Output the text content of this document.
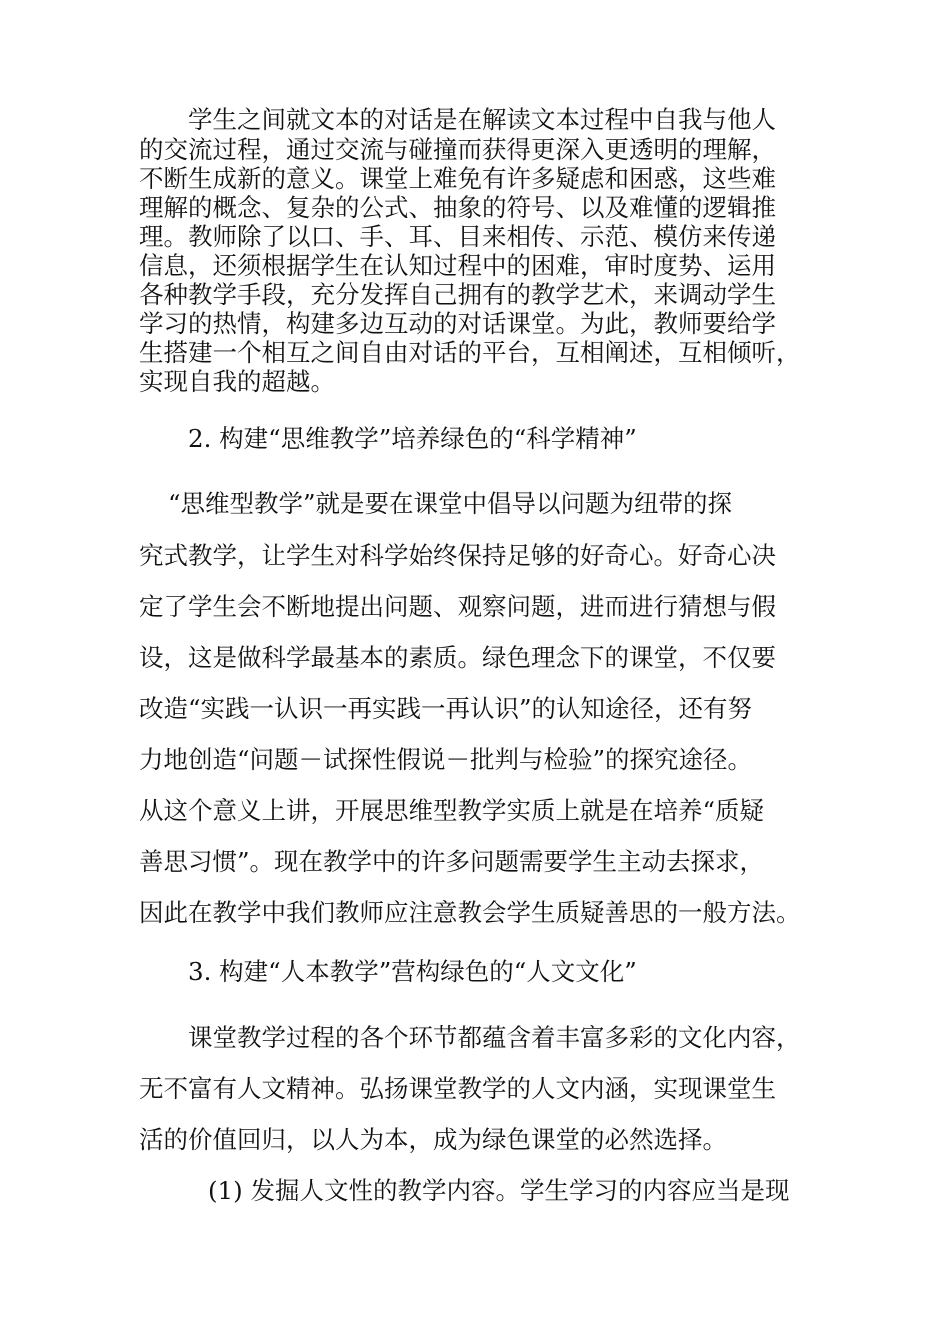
学生之间就文本的对话是在解读文本过程中自我与他人

的交流过程，通过交流与碰撞而获得更深入更透明的理解，

不断生成新的意义。课堂上难免有许多疑虑和困惑，这些难

理解的概念、复杂的公式、抽象的符号、以及难懂的逻辑推

理。教师除了以口、手、耳、目来相传、示范、模仿来传递

信息，还须根据学生在认知过程中的困难，审时度势、运用

各种教学手段，充分发挥自己拥有的教学艺术，来调动学生

学习的热情，构建多边互动的对话课堂。为此，教师要给学

生搭建一个相互之间自由对话的平台，互相阐述，互相倾听，

实现自我的超越。

2. 构建“思维教学”培养绿色的“科学精神”

“思维型教学”就是要在课堂中倡导以问题为纽带的探

究式教学，让学生对科学始终保持足够的好奇心。好奇心决

定了学生会不断地提出问题、观察问题，进而进行猜想与假

设，这是做科学最基本的素质。绿色理念下的课堂，不仅要

改造“实践一认识一再实践一再认识”的认知途径，还有努

力地创造“问题－试探性假说－批判与检验”的探究途径。

从这个意义上讲，开展思维型教学实质上就是在培养“质疑

善思习惯”。现在教学中的许多问题需要学生主动去探求，

因此在教学中我们教师应注意教会学生质疑善思的一般方法。

3. 构建“人本教学”营构绿色的“人文文化”

课堂教学过程的各个环节都蕴含着丰富多彩的文化内容，

无不富有人文精神。弘扬课堂教学的人文内涵，实现课堂生

活的价值回归，以人为本，成为绿色课堂的必然选择。

(1) 发掘人文性的教学内容。学生学习的内容应当是现
